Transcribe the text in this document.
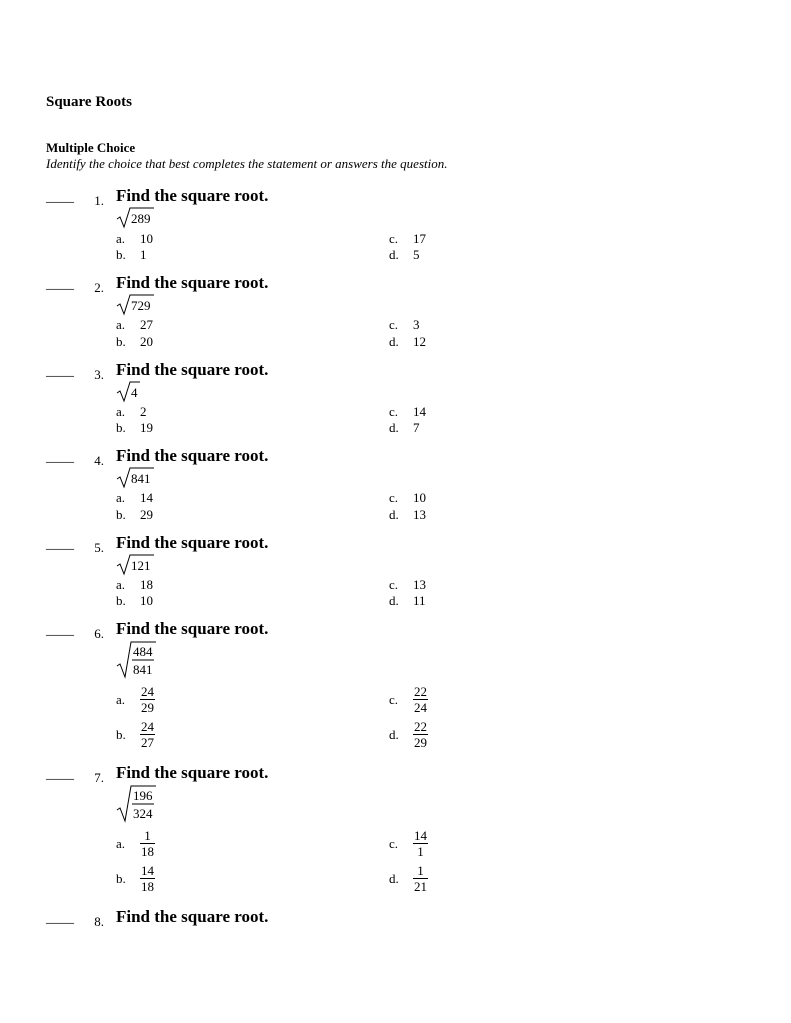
Square Roots
Multiple Choice
Identify the choice that best completes the statement or answers the question.
____	1. Find the square root.
289
a.	10
b.	1
c.	17
d.	5
____	2. Find the square root.
729
a.	27
b.	20
c.	3
d.	12
____	3. Find the square root.
4
a.	2
b.	19
c.	14
d.	7
____	4. Find the square root.
841
a.	14
b.	29
c.	10
d.	13
____	5. Find the square root.
121
a.	18
b.	10
c.	13
d.	11
____	6. Find the square root.
484
841
a.	$\frac{24}{29}$
b.	$\frac{24}{27}$
c.	$\frac{22}{24}$
d.	$\frac{22}{29}$
____	7. Find the square root.
196
324
a.	$\frac{1}{18}$
b.	$\frac{14}{18}$
c.	$\frac{14}{1}$
d.	$\frac{1}{21}$
____	8. Find the square root.
